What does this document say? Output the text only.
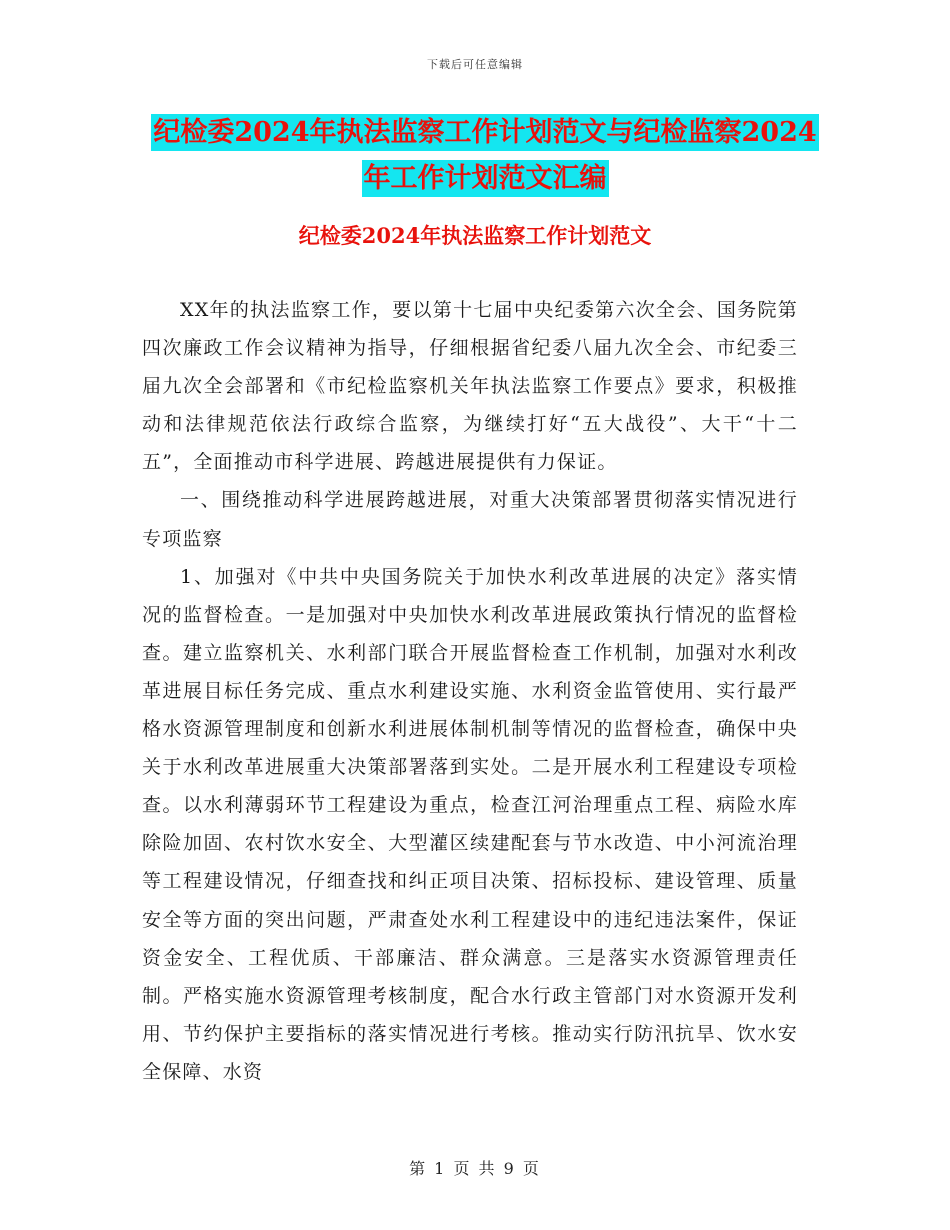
下载后可任意编辑
纪检委2024年执法监察工作计划范文与纪检监察2024年工作计划范文汇编
纪检委2024年执法监察工作计划范文

XX年的执法监察工作，要以第十七届中央纪委第六次全会、国务院第四次廉政工作会议精神为指导，仔细根据省纪委八届九次全会、市纪委三届九次全会部署和《市纪检监察机关年执法监察工作要点》要求，积极推动和法律规范依法行政综合监察，为继续打好“五大战役”、大干“十二五”，全面推动市科学进展、跨越进展提供有力保证。

一、围绕推动科学进展跨越进展，对重大决策部署贯彻落实情况进行专项监察

1、加强对《中共中央国务院关于加快水利改革进展的决定》落实情况的监督检查。一是加强对中央加快水利改革进展政策执行情况的监督检查。建立监察机关、水利部门联合开展监督检查工作机制，加强对水利改革进展目标任务完成、重点水利建设实施、水利资金监管使用、实行最严格水资源管理制度和创新水利进展体制机制等情况的监督检查，确保中央关于水利改革进展重大决策部署落到实处。二是开展水利工程建设专项检查。以水利薄弱环节工程建设为重点，检查江河治理重点工程、病险水库除险加固、农村饮水安全、大型灌区续建配套与节水改造、中小河流治理等工程建设情况，仔细查找和纠正项目决策、招标投标、建设管理、质量安全等方面的突出问题，严肃查处水利工程建设中的违纪违法案件，保证资金安全、工程优质、干部廉洁、群众满意。三是落实水资源管理责任制。严格实施水资源管理考核制度，配合水行政主管部门对水资源开发利用、节约保护主要指标的落实情况进行考核。推动实行防汛抗旱、饮水安全保障、水资

第 1 页 共 9 页
